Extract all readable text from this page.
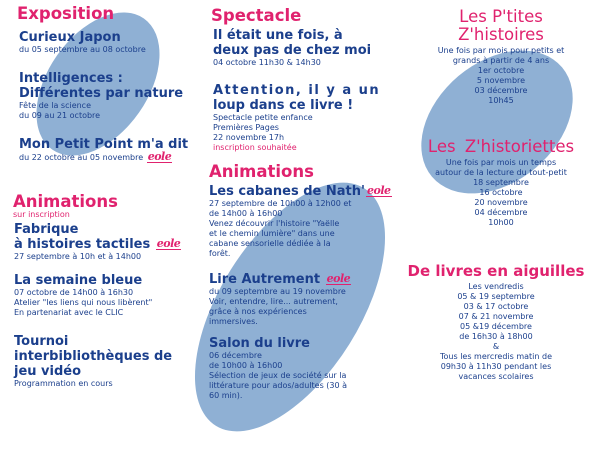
Exposition
Curieux Japon
du 05 septembre au 08 octobre
Intelligences :
Différentes par nature
Fête de la science
du 09 au 21 octobre
Mon Petit Point m'a dit
du 22 octobre au 05 novembre eole
Animations
sur inscription
Fabrique
à histoires tactiles eole
27 septembre à 10h et à 14h00
La semaine bleue
07 octobre de 14h00 à 16h30
Atelier "les liens qui nous libèrent"
En partenariat avec le CLIC
Tournoi
interbibliothèques de
jeu vidéo
Programmation en cours
Spectacle
Il était une fois, à
deux pas de chez moi
04 octobre 11h30 & 14h30
Attention, il y a un
loup dans ce livre !
Spectacle petite enfance
Premières Pages
22 novembre 17h
inscription souhaitée
Animations
Les cabanes de Nath' eole
27 septembre de 10h00 à 12h00 et
de 14h00 à 16h00
Venez découvrir l'histoire "Yaëlle
et le chemin lumière" dans une
cabane sensorielle dédiée à la
forêt.
Lire Autrement eole
du 09 septembre au 19 novembre
Voir, entendre, lire... autrement,
grâce à nos expériences
immersives.
Salon du livre
06 décembre
de 10h00 à 16h00
Sélection de jeux de société sur la
littérature pour ados/adultes (30 à
60 min).
Les P'tites
Z'histoires
Une fois par mois pour petits et
grands à partir de 4 ans
1er octobre
5 novembre
03 décembre
10h45
Les Z'historiettes
Une fois par mois un temps
autour de la lecture du tout-petit
18 septembre
16 octobre
20 novembre
04 décembre
10h00
De livres en aiguilles
Les vendredis
05 & 19 septembre
03 & 17 octobre
07 & 21 novembre
05 &19 décembre
de 16h30 à 18h00
&
Tous les mercredis matin de
09h30 à 11h30 pendant les
vacances scolaires
